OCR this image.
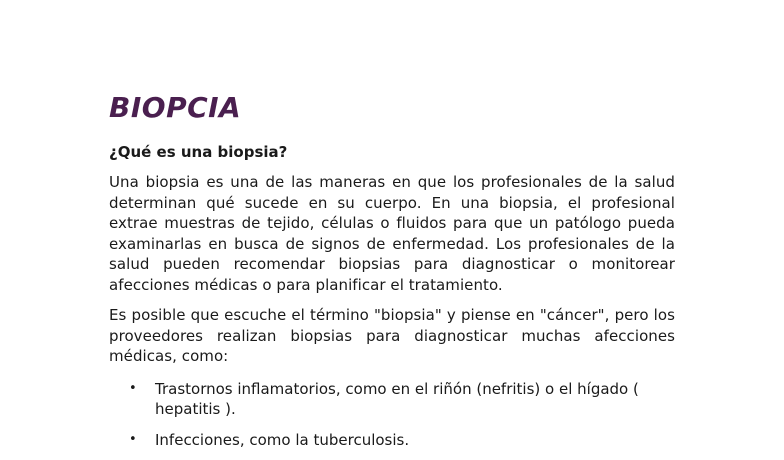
BIOPCIA

¿Qué es una biopsia?

Una biopsia es una de las maneras en que los profesionales de la salud determinan qué sucede en su cuerpo. En una biopsia, el profesional extrae muestras de tejido, células o fluidos para que un patólogo pueda examinarlas en busca de signos de enfermedad. Los profesionales de la salud pueden recomendar biopsias para diagnosticar o monitorear afecciones médicas o para planificar el tratamiento.

Es posible que escuche el término "biopsia" y piense en "cáncer", pero los proveedores realizan biopsias para diagnosticar muchas afecciones médicas, como:

• Trastornos inflamatorios, como en el riñón (nefritis) o el hígado ( hepatitis ).
• Infecciones, como la tuberculosis.
